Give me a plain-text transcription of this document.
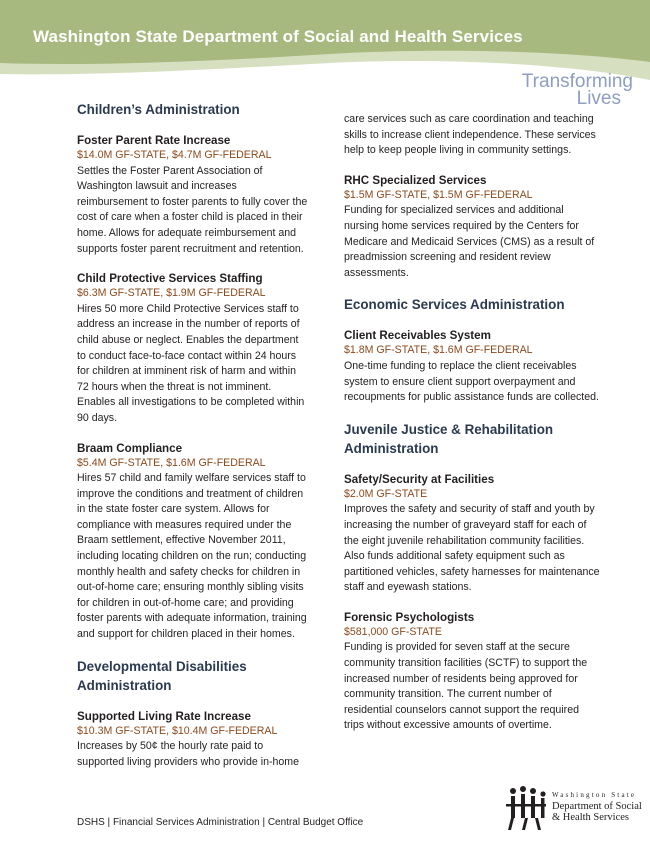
Washington State Department of Social and Health Services
Transforming
Lives
Children’s Administration
Foster Parent Rate Increase

$14.0M GF-STATE, $4.7M GF-FEDERAL

Settles the Foster Parent Association of Washington lawsuit and increases reimbursement to foster parents to fully cover the cost of care when a foster child is placed in their home. Allows for adequate reimbursement and supports foster parent recruitment and retention.

Child Protective Services Staffing

$6.3M GF-STATE, $1.9M GF-FEDERAL

Hires 50 more Child Protective Services staff to address an increase in the number of reports of child abuse or neglect. Enables the department to conduct face-to-face contact within 24 hours for children at imminent risk of harm and within 72 hours when the threat is not imminent. Enables all investigations to be completed within 90 days.

Braam Compliance

$5.4M GF-STATE, $1.6M GF-FEDERAL

Hires 57 child and family welfare services staff to improve the conditions and treatment of children in the state foster care system. Allows for compliance with measures required under the Braam settlement, effective November 2011, including locating children on the run; conducting monthly health and safety checks for children in out-of-home care; ensuring monthly sibling visits for children in out-of-home care; and providing foster parents with adequate information, training and support for children placed in their homes.

Developmental Disabilities Administration
Supported Living Rate Increase

$10.3M GF-STATE, $10.4M GF-FEDERAL

Increases by 50¢ the hourly rate paid to supported living providers who provide in-home

care services such as care coordination and teaching skills to increase client independence. These services help to keep people living in community settings.

RHC Specialized Services

$1.5M GF-STATE, $1.5M GF-FEDERAL

Funding for specialized services and additional nursing home services required by the Centers for Medicare and Medicaid Services (CMS) as a result of preadmission screening and resident review assessments.

Economic Services Administration
Client Receivables System

$1.8M GF-STATE, $1.6M GF-FEDERAL

One-time funding to replace the client receivables system to ensure client support overpayment and recoupments for public assistance funds are collected.

Juvenile Justice & Rehabilitation Administration
Safety/Security at Facilities

$2.0M GF-STATE

Improves the safety and security of staff and youth by increasing the number of graveyard staff for each of the eight juvenile rehabilitation community facilities. Also funds additional safety equipment such as partitioned vehicles, safety harnesses for maintenance staff and eyewash stations.

Forensic Psychologists

$581,000 GF-STATE

Funding is provided for seven staff at the secure community transition facilities (SCTF) to support the increased number of residents being approved for community transition. The current number of residential counselors cannot support the required trips without excessive amounts of overtime.

DSHS | Financial Services Administration | Central Budget Office
Washington State
Department of Social
& Health Services
